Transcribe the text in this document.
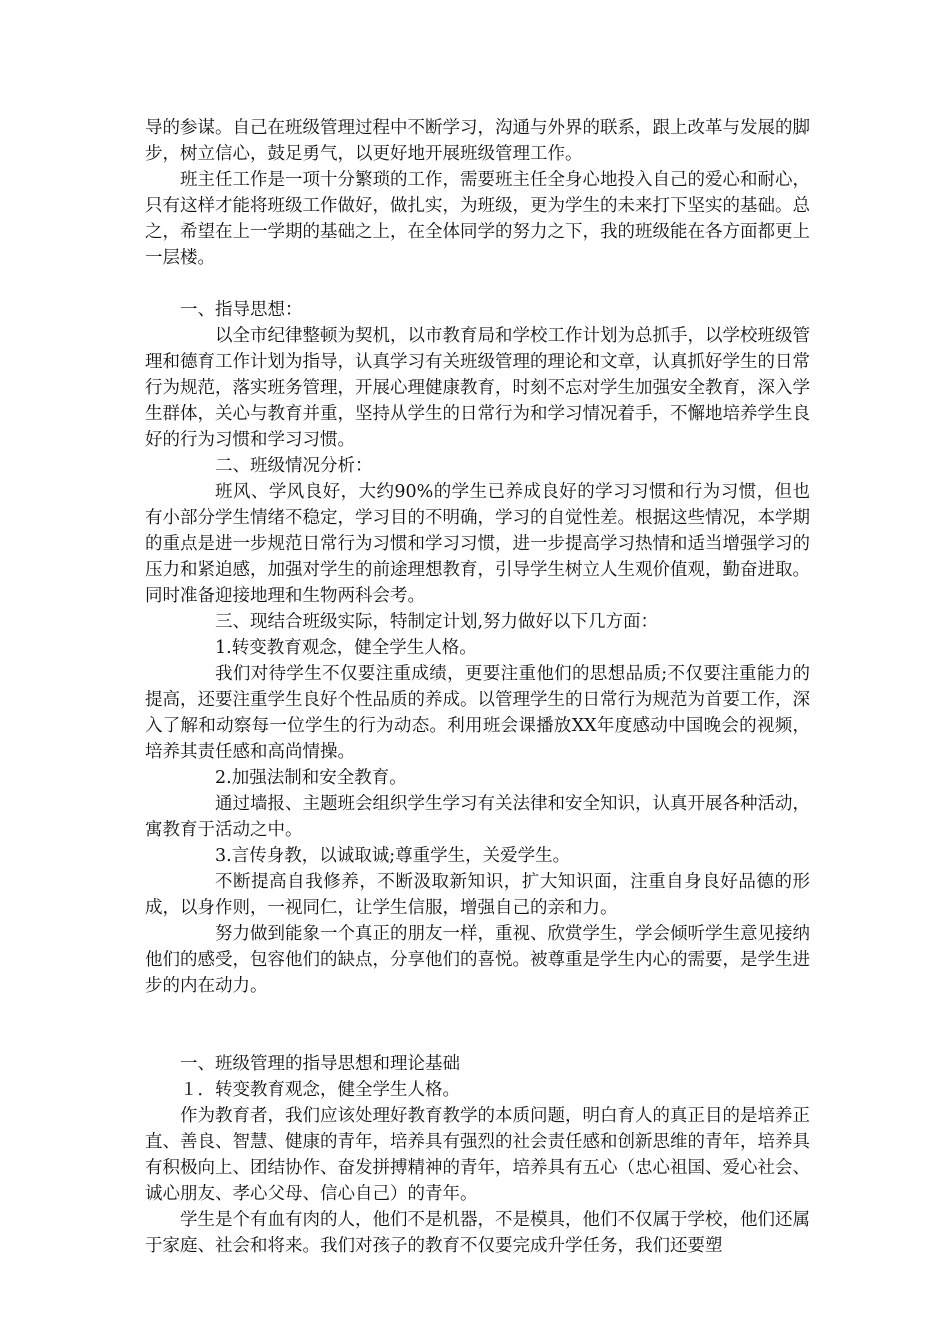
导的参谋。自己在班级管理过程中不断学习，沟通与外界的联系，跟上改革与发展的脚步，树立信心，鼓足勇气，以更好地开展班级管理工作。

班主任工作是一项十分繁琐的工作，需要班主任全身心地投入自己的爱心和耐心，只有这样才能将班级工作做好，做扎实，为班级，更为学生的未来打下坚实的基础。总之，希望在上一学期的基础之上，在全体同学的努力之下，我的班级能在各方面都更上一层楼。

一、指导思想：

以全市纪律整顿为契机，以市教育局和学校工作计划为总抓手，以学校班级管理和德育工作计划为指导，认真学习有关班级管理的理论和文章，认真抓好学生的日常行为规范，落实班务管理，开展心理健康教育，时刻不忘对学生加强安全教育，深入学生群体，关心与教育并重，坚持从学生的日常行为和学习情况着手，不懈地培养学生良好的行为习惯和学习习惯。

二、班级情况分析：

班风、学风良好，大约90%的学生已养成良好的学习习惯和行为习惯，但也有小部分学生情绪不稳定，学习目的不明确，学习的自觉性差。根据这些情况，本学期的重点是进一步规范日常行为习惯和学习习惯，进一步提高学习热情和适当增强学习的压力和紧迫感，加强对学生的前途理想教育，引导学生树立人生观价值观，勤奋进取。同时准备迎接地理和生物两科会考。

三、现结合班级实际，特制定计划,努力做好以下几方面：

1.转变教育观念，健全学生人格。

我们对待学生不仅要注重成绩，更要注重他们的思想品质;不仅要注重能力的提高，还要注重学生良好个性品质的养成。以管理学生的日常行为规范为首要工作，深入了解和动察每一位学生的行为动态。利用班会课播放XX年度感动中国晚会的视频，培养其责任感和高尚情操。

2.加强法制和安全教育。

通过墙报、主题班会组织学生学习有关法律和安全知识，认真开展各种活动，寓教育于活动之中。

3.言传身教，以诚取诚;尊重学生，关爱学生。

不断提高自我修养，不断汲取新知识，扩大知识面，注重自身良好品德的形成，以身作则，一视同仁，让学生信服，增强自己的亲和力。

努力做到能象一个真正的朋友一样，重视、欣赏学生，学会倾听学生意见接纳他们的感受，包容他们的缺点，分享他们的喜悦。被尊重是学生内心的需要，是学生进步的内在动力。

一、班级管理的指导思想和理论基础

１．转变教育观念，健全学生人格。

作为教育者，我们应该处理好教育教学的本质问题，明白育人的真正目的是培养正直、善良、智慧、健康的青年，培养具有强烈的社会责任感和创新思维的青年，培养具有积极向上、团结协作、奋发拼搏精神的青年，培养具有五心（忠心祖国、爱心社会、诚心朋友、孝心父母、信心自己）的青年。

学生是个有血有肉的人，他们不是机器，不是模具，他们不仅属于学校，他们还属于家庭、社会和将来。我们对孩子的教育不仅要完成升学任务，我们还要塑
